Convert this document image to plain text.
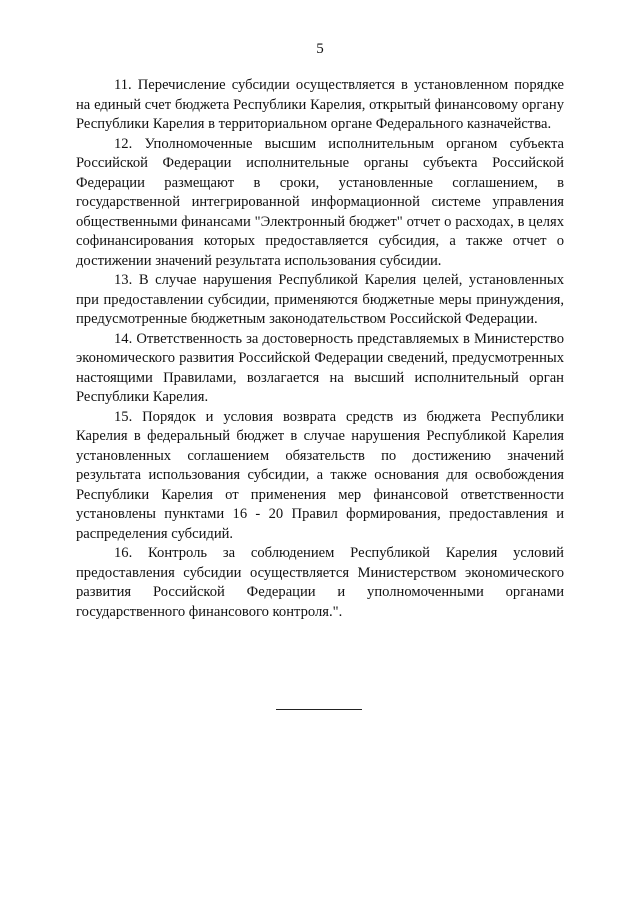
5

11. Перечисление субсидии осуществляется в установленном порядке на единый счет бюджета Республики Карелия, открытый финансовому органу Республики Карелия в территориальном органе Федерального казначейства.

12. Уполномоченные высшим исполнительным органом субъекта Российской Федерации исполнительные органы субъекта Российской Федерации размещают в сроки, установленные соглашением, в государственной интегрированной информационной системе управления общественными финансами "Электронный бюджет" отчет о расходах, в целях софинансирования которых предоставляется субсидия, а также отчет о достижении значений результата использования субсидии.

13. В случае нарушения Республикой Карелия целей, установленных при предоставлении субсидии, применяются бюджетные меры принуждения, предусмотренные бюджетным законодательством Российской Федерации.

14. Ответственность за достоверность представляемых в Министерство экономического развития Российской Федерации сведений, предусмотренных настоящими Правилами, возлагается на высший исполнительный орган Республики Карелия.

15. Порядок и условия возврата средств из бюджета Республики Карелия в федеральный бюджет в случае нарушения Республикой Карелия установленных соглашением обязательств по достижению значений результата использования субсидии, а также основания для освобождения Республики Карелия от применения мер финансовой ответственности установлены пунктами 16 - 20 Правил формирования, предоставления и распределения субсидий.

16. Контроль за соблюдением Республикой Карелия условий предоставления субсидии осуществляется Министерством экономического развития Российской Федерации и уполномоченными органами государственного финансового контроля.".
